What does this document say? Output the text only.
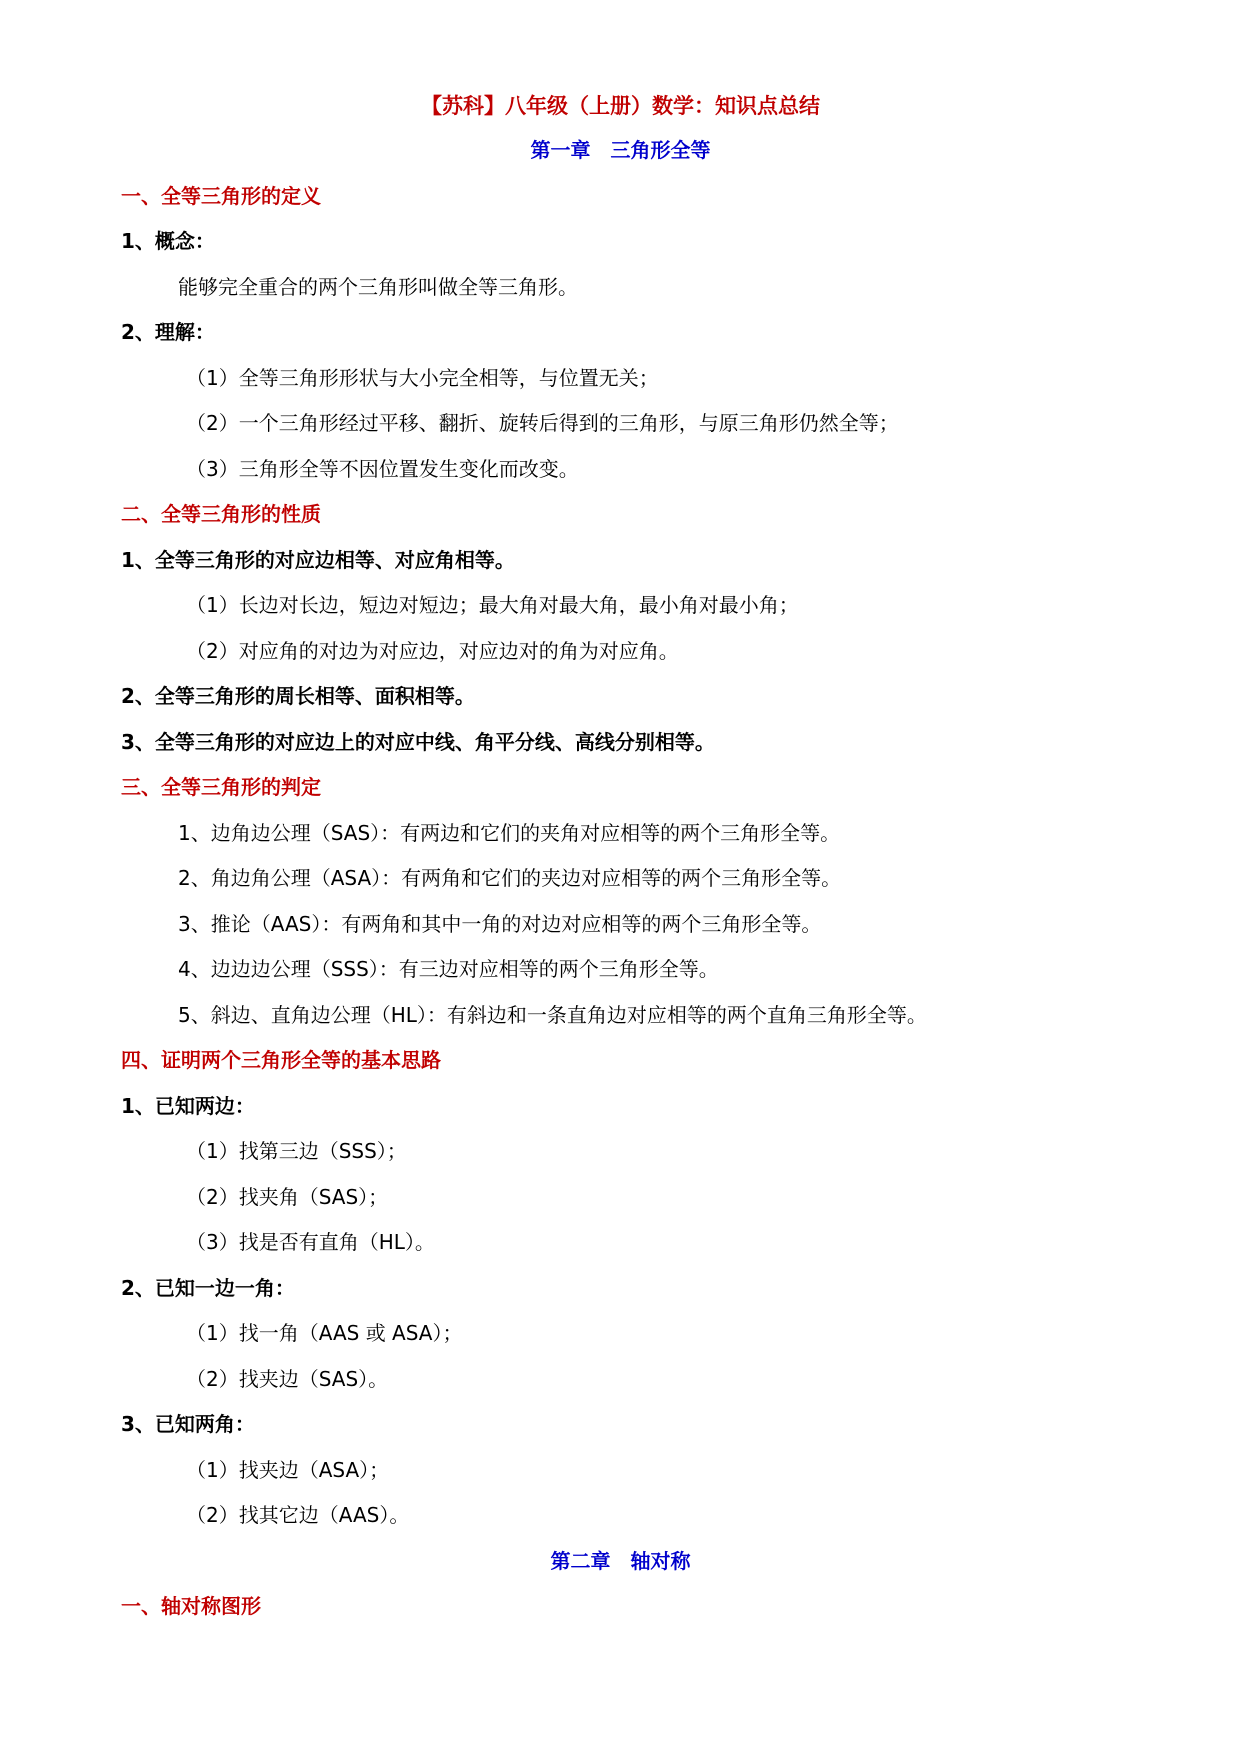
【苏科】八年级（上册）数学：知识点总结
第一章　三角形全等
一、全等三角形的定义
1、概念：
能够完全重合的两个三角形叫做全等三角形。
2、理解：
（1）全等三角形形状与大小完全相等，与位置无关；
（2）一个三角形经过平移、翻折、旋转后得到的三角形，与原三角形仍然全等；
（3）三角形全等不因位置发生变化而改变。
二、全等三角形的性质
1、全等三角形的对应边相等、对应角相等。
（1）长边对长边，短边对短边；最大角对最大角，最小角对最小角；
（2）对应角的对边为对应边，对应边对的角为对应角。
2、全等三角形的周长相等、面积相等。
3、全等三角形的对应边上的对应中线、角平分线、高线分别相等。
三、全等三角形的判定
1、边角边公理（SAS）：有两边和它们的夹角对应相等的两个三角形全等。
2、角边角公理（ASA）：有两角和它们的夹边对应相等的两个三角形全等。
3、推论（AAS）：有两角和其中一角的对边对应相等的两个三角形全等。
4、边边边公理（SSS）：有三边对应相等的两个三角形全等。
5、斜边、直角边公理（HL）：有斜边和一条直角边对应相等的两个直角三角形全等。
四、证明两个三角形全等的基本思路
1、已知两边：
（1）找第三边（SSS）；
（2）找夹角（SAS）；
（3）找是否有直角（HL）。
2、已知一边一角：
（1）找一角（AAS 或 ASA）；
（2）找夹边（SAS）。
3、已知两角：
（1）找夹边（ASA）；
（2）找其它边（AAS）。
第二章　轴对称
一、轴对称图形
